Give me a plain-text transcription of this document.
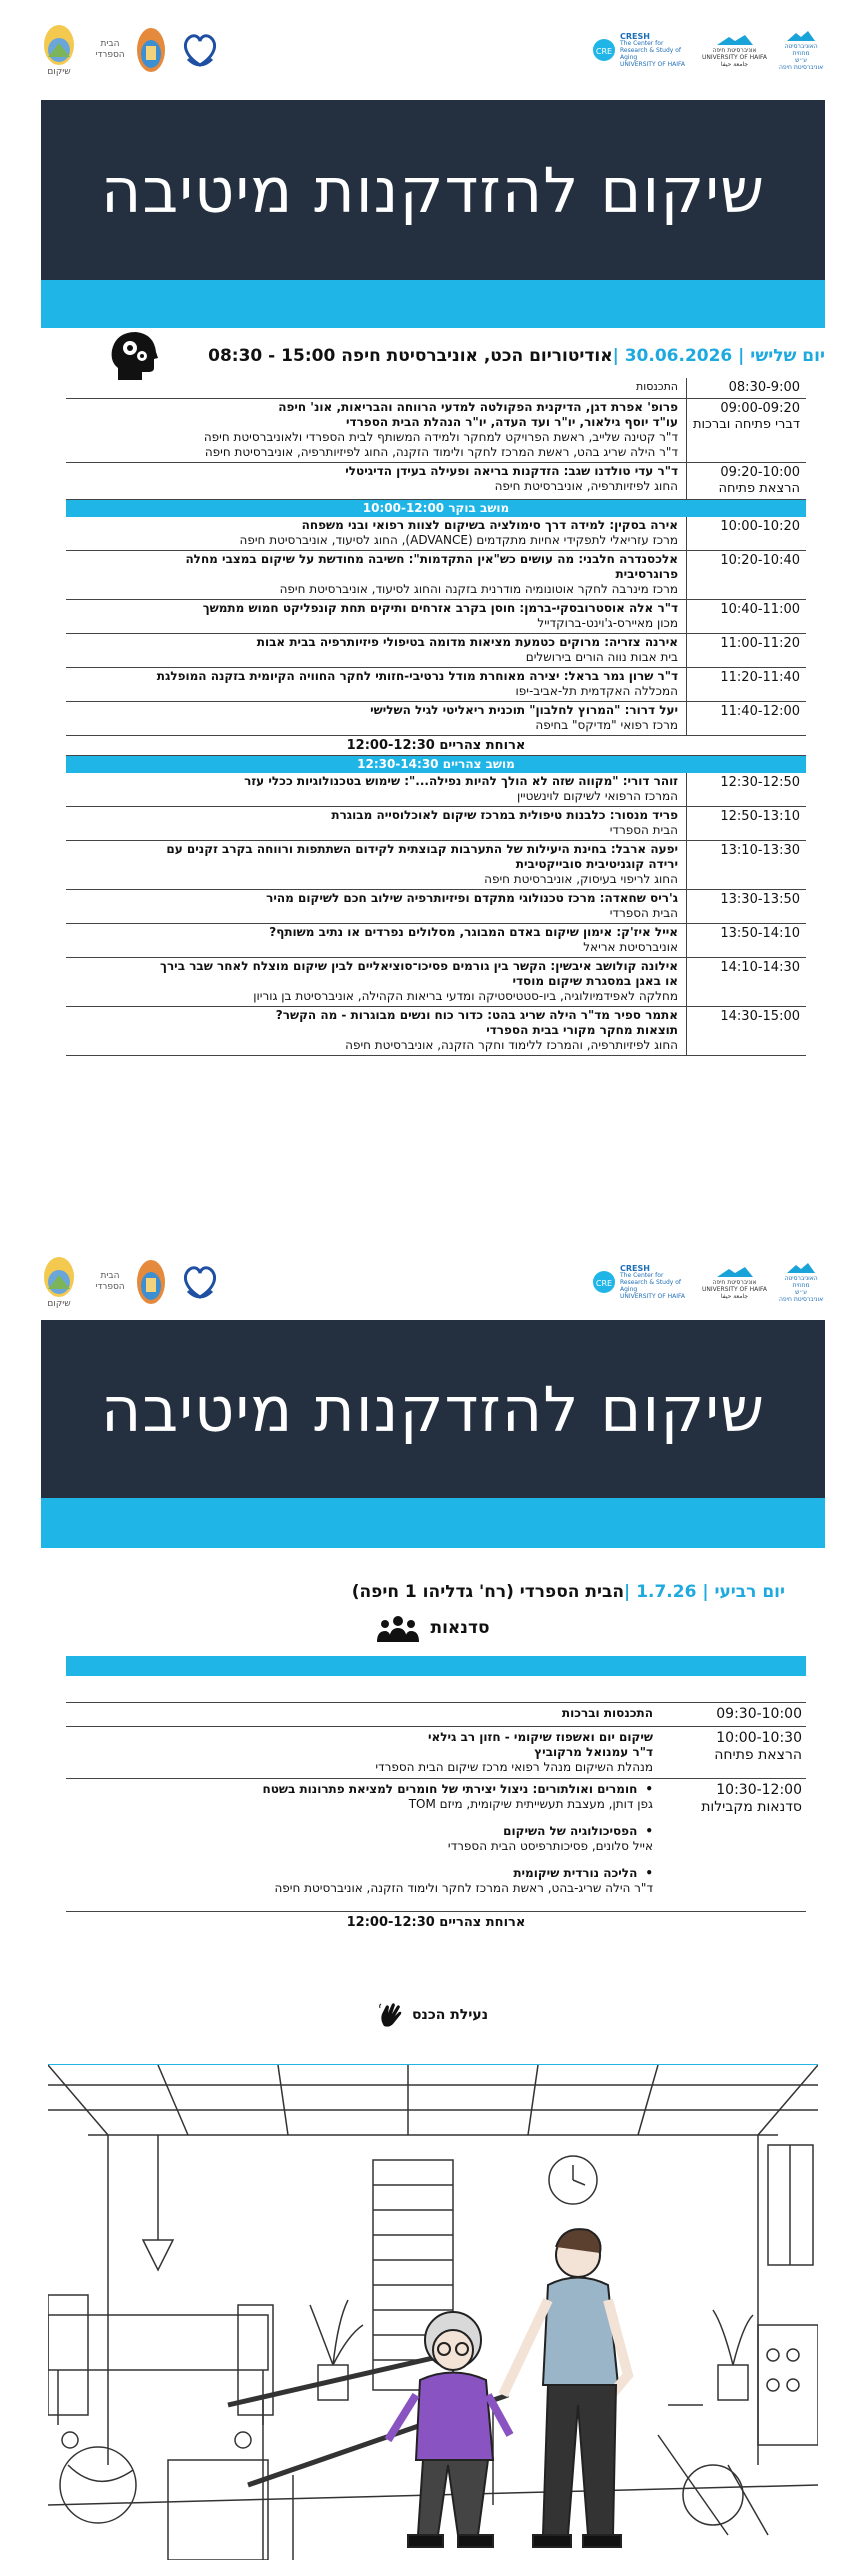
שיקום
הבית הספרדי	CRE
CRESH
The Center for Research & Study of Aging
UNIVERSITY OF HAIFA
אוניברסיטת חיפה
UNIVERSITY OF HAIFA
جامعة حيفا
האוניברסיטה
מחוזית
ע״ש
אוניברסיטת חיפה
שיקום להזדקנות מיטיבה
יום שלישי | 30.06.2026 |
אודיטוריום הכט, אוניברסיטת חיפה 15:00 - 08:30
08:30-9:00
התכנסות
09:00-09:20
דברי פתיחה וברכות
פרופ' אפרת דגן, הדיקנית הפקולטה למדעי הרווחה והבריאות, אונ' חיפה
עו"ד יוסף גילאור, יו"ר ועד העדה, יו"ר הנהלת הבית הספרדי
ד"ר קטינה שלייב, ראשת הפרויקט למחקר ולמידה המשותף לבית הספרדי ולאוניברסיטת חיפה
ד"ר הילה שריג בהט, ראשת המרכז לחקר ולימוד הזקנה, החוג לפיזיותרפיה, אוניברסיטת חיפה
09:20-10:00
הרצאת פתיחה
ד"ר עדי טולדנו שגב: הזדקנות בריאה ופעילה בעידן הדיגיטלי
החוג לפיזיותרפיה, אוניברסיטת חיפה
מושב בוקר 10:00-12:00
10:00-10:20
אירה בסקין: למידה דרך סימולציה בשיקום לצוות רפואי ובני משפחה
מרכז עזריאלי לתפקידי אחיות מתקדמים (ADVANCE), החוג לסיעוד, אוניברסיטת חיפה
10:20-10:40
אלכסנדרה חלבני: מה עושים כש"אין התקדמות": חשיבה מחודשת על שיקום במצבי מחלה
פרוגרסיבית
מרכז מינרבה לחקר אוטונומיה מודרנית בזקנה והחוג לסיעוד, אוניברסיטת חיפה
10:40-11:00
ד"ר אלה אוסטרובסקי-ברמן: חוסן בקרב אזרחים ותיקים תחת קונפליקט חמוש מתמשך
מכון מאיירס-ג'וינט-ברוקדייל
11:00-11:20
אירנה צזריה: מרוקים כטמעת מציאות מדומה בטיפולי פיזיותרפיה בבית אבות
בית אבות נווה הורים בירושלים
11:20-11:40
ד"ר שרון גמר בראל: יצירה מאוחרת מודל נרטיבי-חזותי לחקר החוויה הקיומית בזקנה המופלגת
המכללה האקדמית תל-אביב-יפו
11:40-12:00
יעל דרור: "המרוץ לחלבון" תוכנית ריאליטי לגיל השלישי
מרכז רפואי "מדיקס" בחיפה
ארוחת צהריים 12:00-12:30
מושב צהריים 12:30-14:30
12:30-12:50
זוהר דורי: "מקווה שזה לא הולך להיות נפילה...": שימוש בטכנולוגיות ככלי עזר
המרכז הרפואי לשיקום לוינשטיין
12:50-13:10
פריד מנסור: כלבנות טיפולית במרכז שיקום לאוכלוסייה מבוגרת
הבית הספרדי
13:10-13:30
יפעה ארבל: בחינת היעילות של התערבות קבוצתית לקידום השתתפות ורווחה בקרב זקנים עם
ירידה קוגניטיבית סובייקטיבית
החוג לריפוי בעיסוק, אוניברסיטת חיפה
13:30-13:50
ג'ריס שחאדה: מרכז טכנולוגי מתקדם ופיזיותרפיה שילוב חכם לשיקום מהיר
הבית הספרדי
13:50-14:10
אייל איז'ק: אימון שיקום באדם המבוגר, מסלולים נפרדים או נתיב משותף?
אוניברסיטת אריאל
14:10-14:30
אילונה קולושב איבשין: הקשר בין גורמים פסיכו־סוציאליים לבין שיקום מוצלח לאחר שבר בירך
או באגן במסגרת שיקום מוסדי
מחלקה לאפידמיולוגיה, ביו-סטטיסטיקה ומדעי בריאות הקהילה, אוניברסיטת בן גוריון
14:30-15:00
אתמר ספיר מד"ר הילה שריג בהט: כדור כוח ונשים מבוגרות - מה הקשר?
תוצאות מחקר מקורי בבית הספרדי
החוג לפיזיותרפיה, והמרכז ללימוד וחקר הזקנה, אוניברסיטת חיפה
שיקום
הבית הספרדי	CRE
CRESH
The Center for Research & Study of Aging
UNIVERSITY OF HAIFA
אוניברסיטת חיפה
UNIVERSITY OF HAIFA
جامعة حيفا
האוניברסיטה
מחוזית
ע״ש
אוניברסיטת חיפה
שיקום להזדקנות מיטיבה
יום רביעי | 1.7.26 |
הבית הספרדי (רח' גדליהו 1 חיפה)
סדנאות
09:30-10:00
התכנסות וברכות
10:00-10:30
הרצאת פתיחה
שיקום יום ואשפוז שיקומי - חזון רב גילאי
ד"ר עמנואל מרקוביץ
מנהלת השיקום מנהל רפואי מרכז שיקום הבית הספרדי
10:30-12:00
סדנאות מקבילות
•
חומרים ואולתורים: ניצול יצירתי של חומרים למציאת פתרונות בשטח
גפן דותן, מעצבת תעשייתית שיקומית, מיזם TOM
•
הפסיכולוגיה של השיקום
אייל סלונים, פסיכותרפיסט הבית הספרדי
•
הליכה נורדית שיקומית
ד"ר הילה שריג-בהט, ראשת המרכז לחקר ולימוד הזקנה, אוניברסיטת חיפה
ארוחת צהריים 12:00-12:30
נעילת הכנס
